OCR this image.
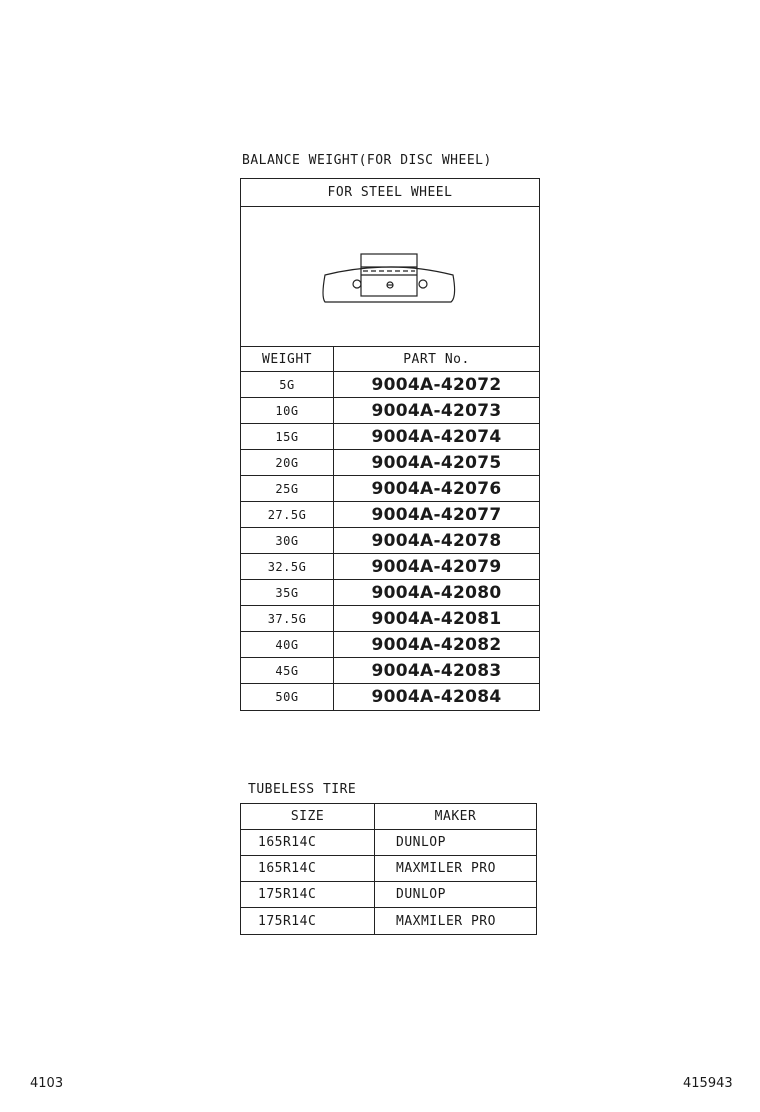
BALANCE WEIGHT(FOR DISC WHEEL)
FOR STEEL WHEEL
WEIGHT	PART No.
5G	9004A-42072
10G	9004A-42073
15G	9004A-42074
20G	9004A-42075
25G	9004A-42076
27.5G	9004A-42077
30G	9004A-42078
32.5G	9004A-42079
35G	9004A-42080
37.5G	9004A-42081
40G	9004A-42082
45G	9004A-42083
50G	9004A-42084
TUBELESS TIRE
SIZE	MAKER
165R14C	DUNLOP
165R14C	MAXMILER PRO
175R14C	DUNLOP
175R14C	MAXMILER PRO
4103	415943
